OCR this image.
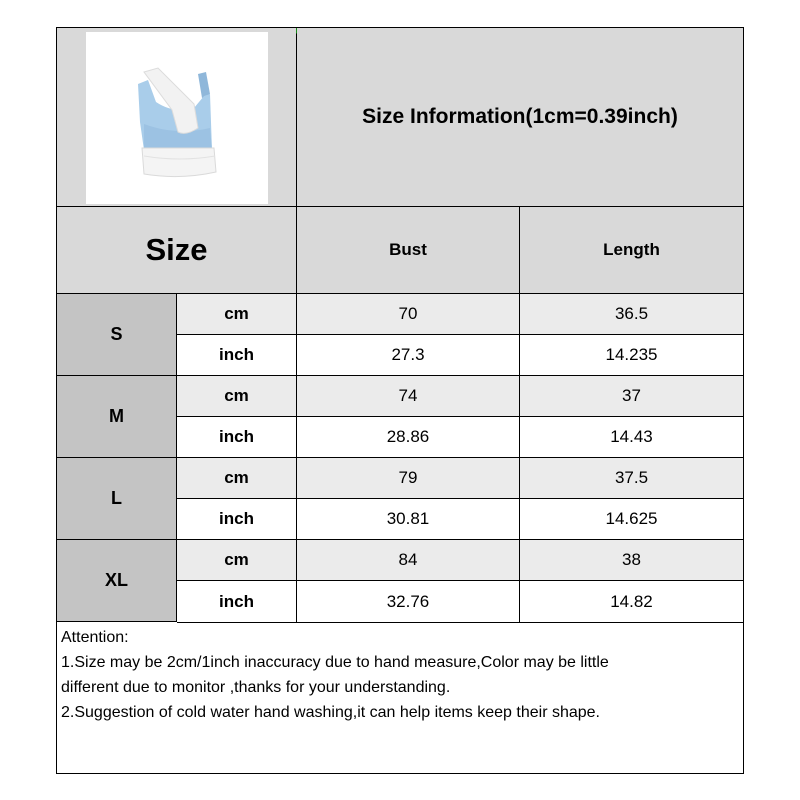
Size Information(1cm=0.39inch)
Size	Bust	Length
S
cm	70	36.5
inch	27.3	14.235
M
cm	74	37
inch	28.86	14.43
L
cm	79	37.5
inch	30.81	14.625
XL
cm	84	38
inch	32.76	14.82
Attention:
1.Size may be 2cm/1inch inaccuracy due to hand measure,Color may be little
different due to monitor ,thanks for your understanding.
2.Suggestion of cold water hand washing,it can help items keep their shape.
